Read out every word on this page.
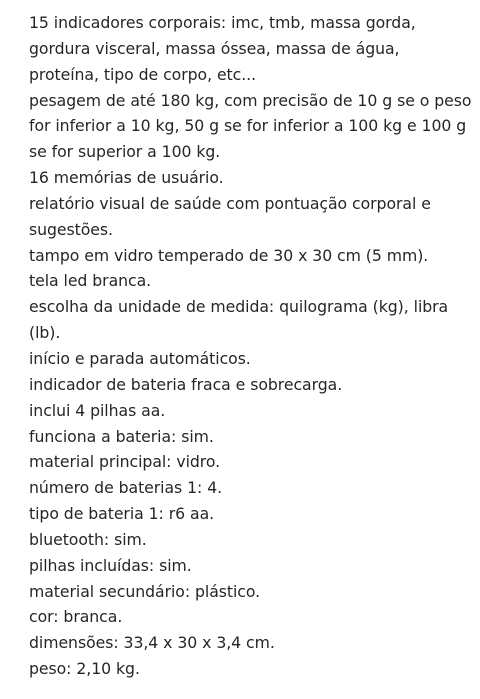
15 indicadores corporais: imc, tmb, massa gorda, gordura visceral, massa óssea, massa de água, proteína, tipo de corpo, etc...

pesagem de até 180 kg, com precisão de 10 g se o peso for inferior a 10 kg, 50 g se for inferior a 100 kg e 100 g se for superior a 100 kg.

16 memórias de usuário.

relatório visual de saúde com pontuação corporal e sugestões.

tampo em vidro temperado de 30 x 30 cm (5 mm).

tela led branca.

escolha da unidade de medida: quilograma (kg), libra (lb).

início e parada automáticos.

indicador de bateria fraca e sobrecarga.

inclui 4 pilhas aa.

funciona a bateria: sim.

material principal: vidro.

número de baterias 1: 4.

tipo de bateria 1: r6 aa.

bluetooth: sim.

pilhas incluídas: sim.

material secundário: plástico.

cor: branca.

dimensões: 33,4 x 30 x 3,4 cm.

peso: 2,10 kg.
